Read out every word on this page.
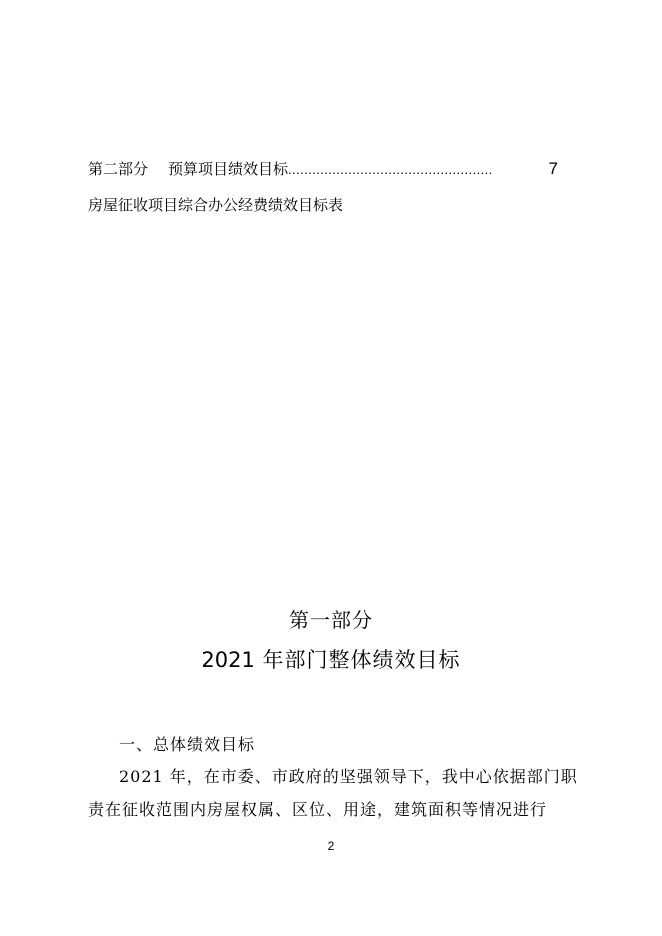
第二部分 预算项目绩效目标 ...................................................	7
房屋征收项目综合办公经费绩效目标表
第一部分
2021 年部门整体绩效目标
一、总体绩效目标
2021 年，在市委、市政府的坚强领导下，我中心依据部门职
责在征收范围内房屋权属、区位、用途，建筑面积等情况进行
2
